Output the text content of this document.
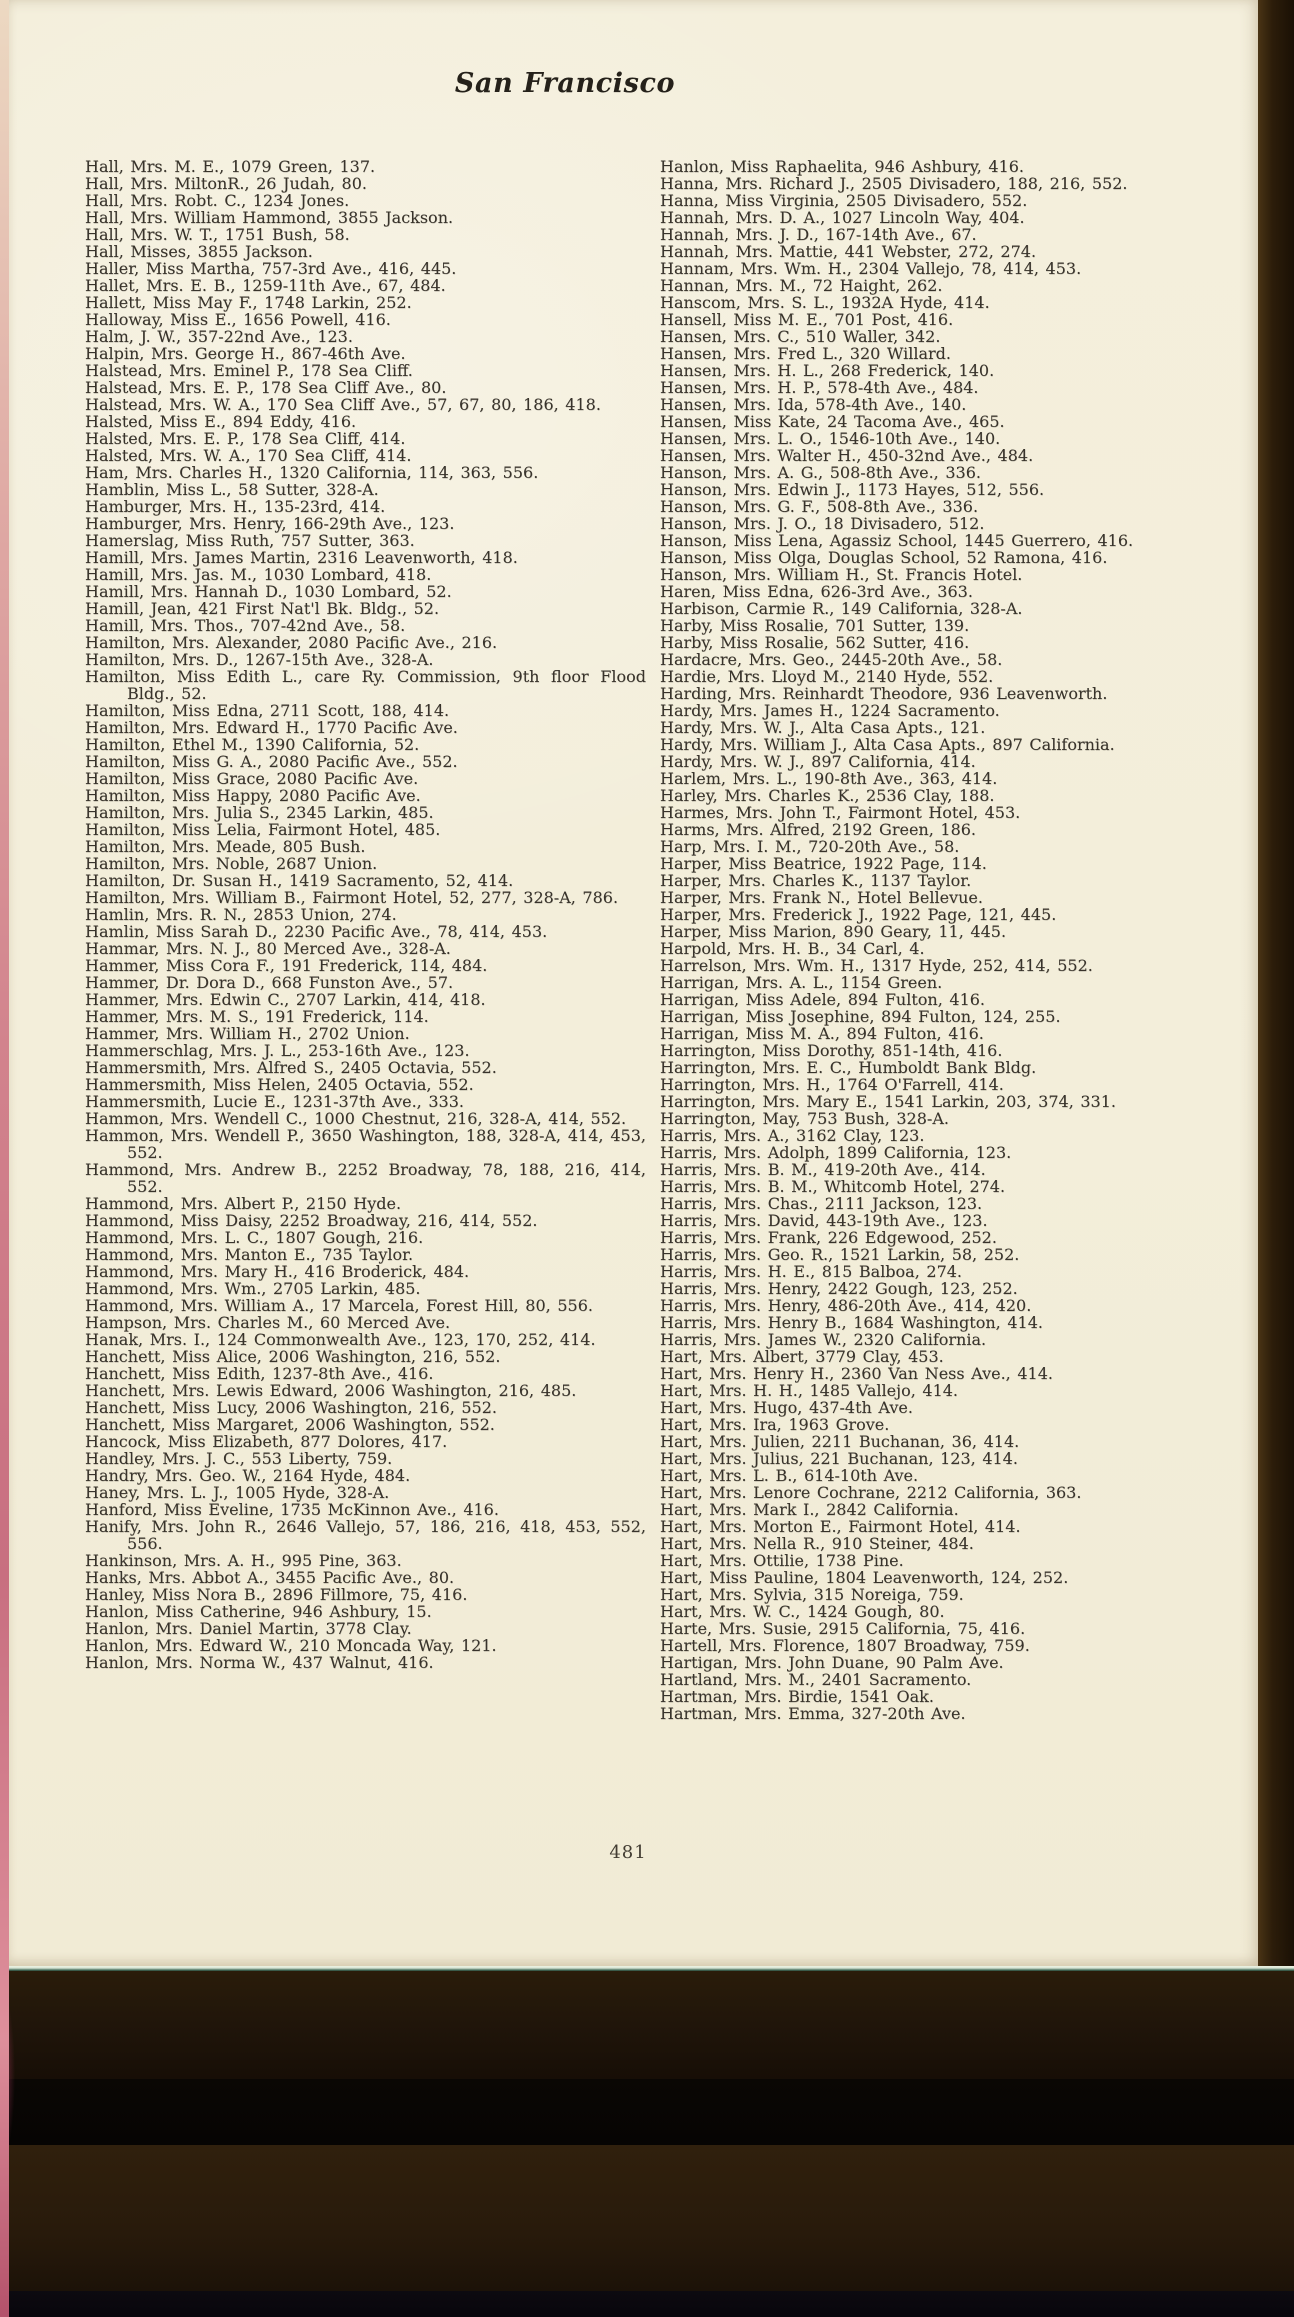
San Francisco
Hall, Mrs. M. E., 1079 Green, 137.
Hall, Mrs. MiltonR., 26 Judah, 80.
Hall, Mrs. Robt. C., 1234 Jones.
Hall, Mrs. William Hammond, 3855 Jackson.
Hall, Mrs. W. T., 1751 Bush, 58.
Hall, Misses, 3855 Jackson.
Haller, Miss Martha, 757-3rd Ave., 416, 445.
Hallet, Mrs. E. B., 1259-11th Ave., 67, 484.
Hallett, Miss May F., 1748 Larkin, 252.
Halloway, Miss E., 1656 Powell, 416.
Halm, J. W., 357-22nd Ave., 123.
Halpin, Mrs. George H., 867-46th Ave.
Halstead, Mrs. Eminel P., 178 Sea Cliff.
Halstead, Mrs. E. P., 178 Sea Cliff Ave., 80.
Halstead, Mrs. W. A., 170 Sea Cliff Ave., 57, 67, 80, 186, 418.
Halsted, Miss E., 894 Eddy, 416.
Halsted, Mrs. E. P., 178 Sea Cliff, 414.
Halsted, Mrs. W. A., 170 Sea Cliff, 414.
Ham, Mrs. Charles H., 1320 California, 114, 363, 556.
Hamblin, Miss L., 58 Sutter, 328-A.
Hamburger, Mrs. H., 135-23rd, 414.
Hamburger, Mrs. Henry, 166-29th Ave., 123.
Hamerslag, Miss Ruth, 757 Sutter, 363.
Hamill, Mrs. James Martin, 2316 Leavenworth, 418.
Hamill, Mrs. Jas. M., 1030 Lombard, 418.
Hamill, Mrs. Hannah D., 1030 Lombard, 52.
Hamill, Jean, 421 First Nat'l Bk. Bldg., 52.
Hamill, Mrs. Thos., 707-42nd Ave., 58.
Hamilton, Mrs. Alexander, 2080 Pacific Ave., 216.
Hamilton, Mrs. D., 1267-15th Ave., 328-A.
Hamilton, Miss Edith L., care Ry. Commission, 9th floor Flood Bldg., 52.
Hamilton, Miss Edna, 2711 Scott, 188, 414.
Hamilton, Mrs. Edward H., 1770 Pacific Ave.
Hamilton, Ethel M., 1390 California, 52.
Hamilton, Miss G. A., 2080 Pacific Ave., 552.
Hamilton, Miss Grace, 2080 Pacific Ave.
Hamilton, Miss Happy, 2080 Pacific Ave.
Hamilton, Mrs. Julia S., 2345 Larkin, 485.
Hamilton, Miss Lelia, Fairmont Hotel, 485.
Hamilton, Mrs. Meade, 805 Bush.
Hamilton, Mrs. Noble, 2687 Union.
Hamilton, Dr. Susan H., 1419 Sacramento, 52, 414.
Hamilton, Mrs. William B., Fairmont Hotel, 52, 277, 328-A, 786.
Hamlin, Mrs. R. N., 2853 Union, 274.
Hamlin, Miss Sarah D., 2230 Pacific Ave., 78, 414, 453.
Hammar, Mrs. N. J., 80 Merced Ave., 328-A.
Hammer, Miss Cora F., 191 Frederick, 114, 484.
Hammer, Dr. Dora D., 668 Funston Ave., 57.
Hammer, Mrs. Edwin C., 2707 Larkin, 414, 418.
Hammer, Mrs. M. S., 191 Frederick, 114.
Hammer, Mrs. William H., 2702 Union.
Hammerschlag, Mrs. J. L., 253-16th Ave., 123.
Hammersmith, Mrs. Alfred S., 2405 Octavia, 552.
Hammersmith, Miss Helen, 2405 Octavia, 552.
Hammersmith, Lucie E., 1231-37th Ave., 333.
Hammon, Mrs. Wendell C., 1000 Chestnut, 216, 328-A, 414, 552.
Hammon, Mrs. Wendell P., 3650 Washington, 188, 328-A, 414, 453, 552.
Hammond, Mrs. Andrew B., 2252 Broadway, 78, 188, 216, 414, 552.
Hammond, Mrs. Albert P., 2150 Hyde.
Hammond, Miss Daisy, 2252 Broadway, 216, 414, 552.
Hammond, Mrs. L. C., 1807 Gough, 216.
Hammond, Mrs. Manton E., 735 Taylor.
Hammond, Mrs. Mary H., 416 Broderick, 484.
Hammond, Mrs. Wm., 2705 Larkin, 485.
Hammond, Mrs. William A., 17 Marcela, Forest Hill, 80, 556.
Hampson, Mrs. Charles M., 60 Merced Ave.
Hanak, Mrs. I., 124 Commonwealth Ave., 123, 170, 252, 414.
Hanchett, Miss Alice, 2006 Washington, 216, 552.
Hanchett, Miss Edith, 1237-8th Ave., 416.
Hanchett, Mrs. Lewis Edward, 2006 Washington, 216, 485.
Hanchett, Miss Lucy, 2006 Washington, 216, 552.
Hanchett, Miss Margaret, 2006 Washington, 552.
Hancock, Miss Elizabeth, 877 Dolores, 417.
Handley, Mrs. J. C., 553 Liberty, 759.
Handry, Mrs. Geo. W., 2164 Hyde, 484.
Haney, Mrs. L. J., 1005 Hyde, 328-A.
Hanford, Miss Eveline, 1735 McKinnon Ave., 416.
Hanify, Mrs. John R., 2646 Vallejo, 57, 186, 216, 418, 453, 552, 556.
Hankinson, Mrs. A. H., 995 Pine, 363.
Hanks, Mrs. Abbot A., 3455 Pacific Ave., 80.
Hanley, Miss Nora B., 2896 Fillmore, 75, 416.
Hanlon, Miss Catherine, 946 Ashbury, 15.
Hanlon, Mrs. Daniel Martin, 3778 Clay.
Hanlon, Mrs. Edward W., 210 Moncada Way, 121.
Hanlon, Mrs. Norma W., 437 Walnut, 416.
Hanlon, Miss Raphaelita, 946 Ashbury, 416.
Hanna, Mrs. Richard J., 2505 Divisadero, 188, 216, 552.
Hanna, Miss Virginia, 2505 Divisadero, 552.
Hannah, Mrs. D. A., 1027 Lincoln Way, 404.
Hannah, Mrs. J. D., 167-14th Ave., 67.
Hannah, Mrs. Mattie, 441 Webster, 272, 274.
Hannam, Mrs. Wm. H., 2304 Vallejo, 78, 414, 453.
Hannan, Mrs. M., 72 Haight, 262.
Hanscom, Mrs. S. L., 1932A Hyde, 414.
Hansell, Miss M. E., 701 Post, 416.
Hansen, Mrs. C., 510 Waller, 342.
Hansen, Mrs. Fred L., 320 Willard.
Hansen, Mrs. H. L., 268 Frederick, 140.
Hansen, Mrs. H. P., 578-4th Ave., 484.
Hansen, Mrs. Ida, 578-4th Ave., 140.
Hansen, Miss Kate, 24 Tacoma Ave., 465.
Hansen, Mrs. L. O., 1546-10th Ave., 140.
Hansen, Mrs. Walter H., 450-32nd Ave., 484.
Hanson, Mrs. A. G., 508-8th Ave., 336.
Hanson, Mrs. Edwin J., 1173 Hayes, 512, 556.
Hanson, Mrs. G. F., 508-8th Ave., 336.
Hanson, Mrs. J. O., 18 Divisadero, 512.
Hanson, Miss Lena, Agassiz School, 1445 Guerrero, 416.
Hanson, Miss Olga, Douglas School, 52 Ramona, 416.
Hanson, Mrs. William H., St. Francis Hotel.
Haren, Miss Edna, 626-3rd Ave., 363.
Harbison, Carmie R., 149 California, 328-A.
Harby, Miss Rosalie, 701 Sutter, 139.
Harby, Miss Rosalie, 562 Sutter, 416.
Hardacre, Mrs. Geo., 2445-20th Ave., 58.
Hardie, Mrs. Lloyd M., 2140 Hyde, 552.
Harding, Mrs. Reinhardt Theodore, 936 Leavenworth.
Hardy, Mrs. James H., 1224 Sacramento.
Hardy, Mrs. W. J., Alta Casa Apts., 121.
Hardy, Mrs. William J., Alta Casa Apts., 897 California.
Hardy, Mrs. W. J., 897 California, 414.
Harlem, Mrs. L., 190-8th Ave., 363, 414.
Harley, Mrs. Charles K., 2536 Clay, 188.
Harmes, Mrs. John T., Fairmont Hotel, 453.
Harms, Mrs. Alfred, 2192 Green, 186.
Harp, Mrs. I. M., 720-20th Ave., 58.
Harper, Miss Beatrice, 1922 Page, 114.
Harper, Mrs. Charles K., 1137 Taylor.
Harper, Mrs. Frank N., Hotel Bellevue.
Harper, Mrs. Frederick J., 1922 Page, 121, 445.
Harper, Miss Marion, 890 Geary, 11, 445.
Harpold, Mrs. H. B., 34 Carl, 4.
Harrelson, Mrs. Wm. H., 1317 Hyde, 252, 414, 552.
Harrigan, Mrs. A. L., 1154 Green.
Harrigan, Miss Adele, 894 Fulton, 416.
Harrigan, Miss Josephine, 894 Fulton, 124, 255.
Harrigan, Miss M. A., 894 Fulton, 416.
Harrington, Miss Dorothy, 851-14th, 416.
Harrington, Mrs. E. C., Humboldt Bank Bldg.
Harrington, Mrs. H., 1764 O'Farrell, 414.
Harrington, Mrs. Mary E., 1541 Larkin, 203, 374, 331.
Harrington, May, 753 Bush, 328-A.
Harris, Mrs. A., 3162 Clay, 123.
Harris, Mrs. Adolph, 1899 California, 123.
Harris, Mrs. B. M., 419-20th Ave., 414.
Harris, Mrs. B. M., Whitcomb Hotel, 274.
Harris, Mrs. Chas., 2111 Jackson, 123.
Harris, Mrs. David, 443-19th Ave., 123.
Harris, Mrs. Frank, 226 Edgewood, 252.
Harris, Mrs. Geo. R., 1521 Larkin, 58, 252.
Harris, Mrs. H. E., 815 Balboa, 274.
Harris, Mrs. Henry, 2422 Gough, 123, 252.
Harris, Mrs. Henry, 486-20th Ave., 414, 420.
Harris, Mrs. Henry B., 1684 Washington, 414.
Harris, Mrs. James W., 2320 California.
Hart, Mrs. Albert, 3779 Clay, 453.
Hart, Mrs. Henry H., 2360 Van Ness Ave., 414.
Hart, Mrs. H. H., 1485 Vallejo, 414.
Hart, Mrs. Hugo, 437-4th Ave.
Hart, Mrs. Ira, 1963 Grove.
Hart, Mrs. Julien, 2211 Buchanan, 36, 414.
Hart, Mrs. Julius, 221 Buchanan, 123, 414.
Hart, Mrs. L. B., 614-10th Ave.
Hart, Mrs. Lenore Cochrane, 2212 California, 363.
Hart, Mrs. Mark I., 2842 California.
Hart, Mrs. Morton E., Fairmont Hotel, 414.
Hart, Mrs. Nella R., 910 Steiner, 484.
Hart, Mrs. Ottilie, 1738 Pine.
Hart, Miss Pauline, 1804 Leavenworth, 124, 252.
Hart, Mrs. Sylvia, 315 Noreiga, 759.
Hart, Mrs. W. C., 1424 Gough, 80.
Harte, Mrs. Susie, 2915 California, 75, 416.
Hartell, Mrs. Florence, 1807 Broadway, 759.
Hartigan, Mrs. John Duane, 90 Palm Ave.
Hartland, Mrs. M., 2401 Sacramento.
Hartman, Mrs. Birdie, 1541 Oak.
Hartman, Mrs. Emma, 327-20th Ave.
481
